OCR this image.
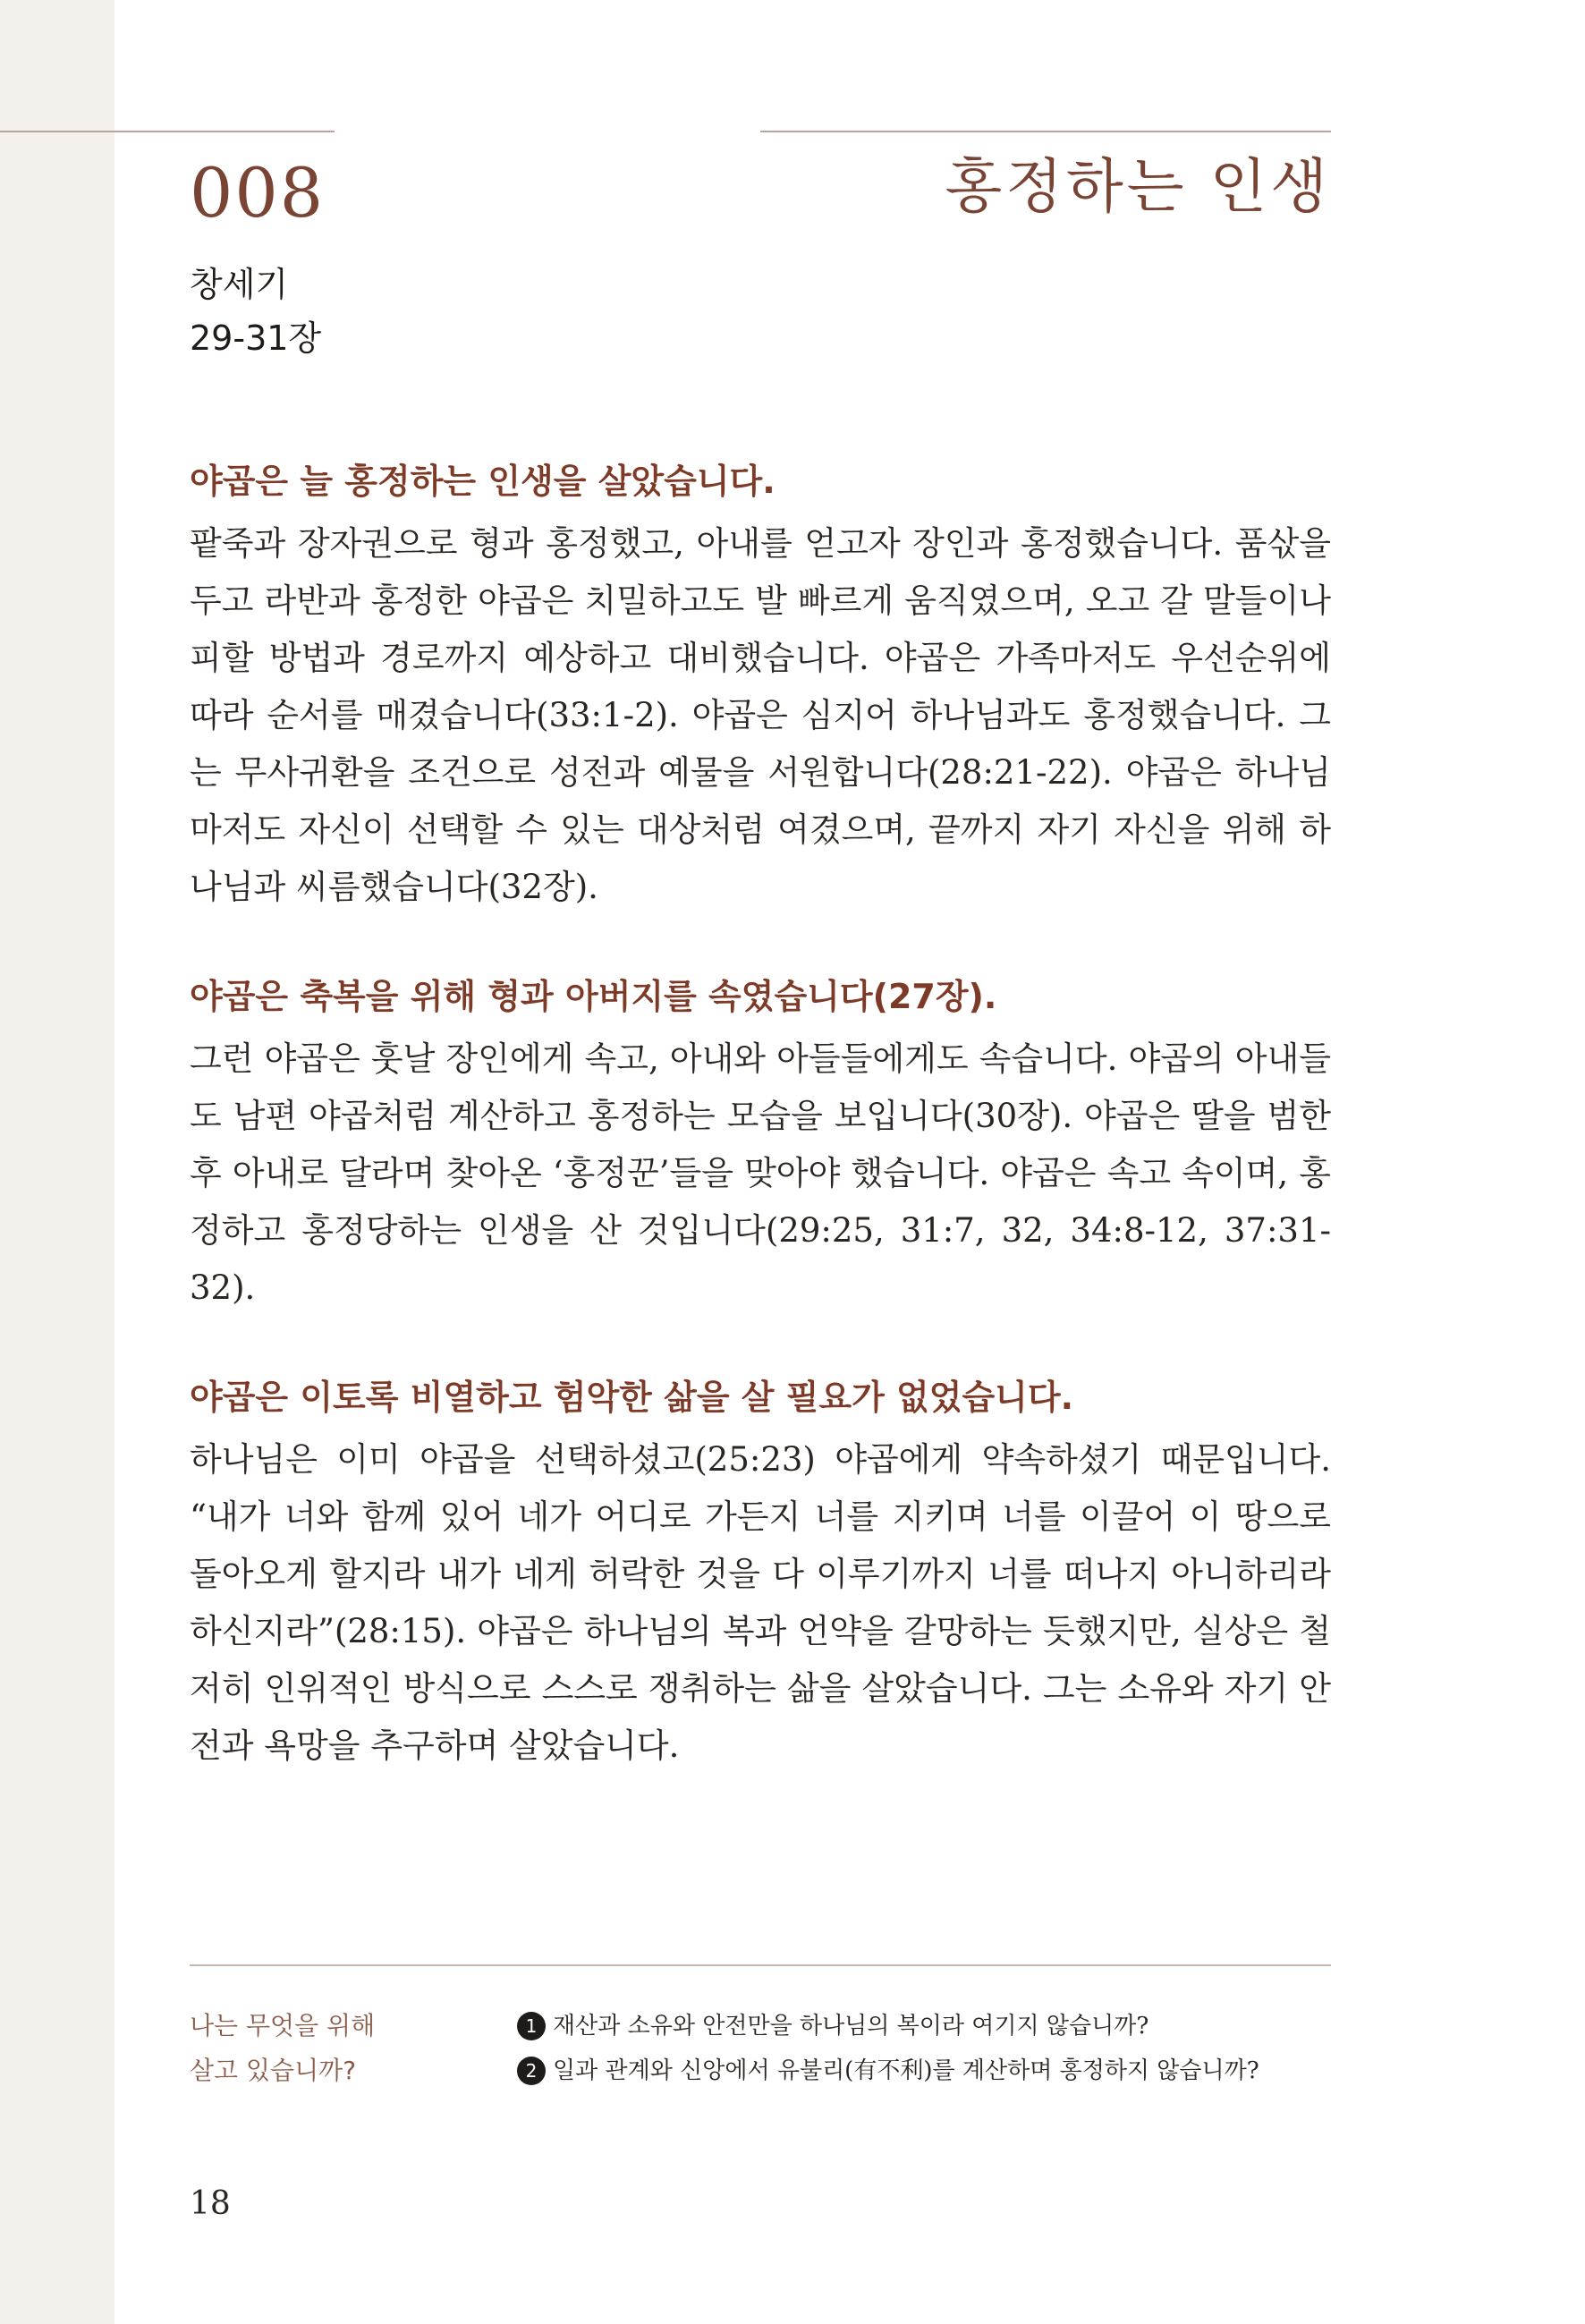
008	홍정하는 인생
창세기
29-31장
야곱은 늘 홍정하는 인생을 살았습니다.

팥죽과 장자권으로 형과 홍정했고, 아내를 얻고자 장인과 홍정했습니다. 품삯을 두고 라반과 홍정한 야곱은 치밀하고도 발 빠르게 움직였으며, 오고 갈 말들이나 피할 방법과 경로까지 예상하고 대비했습니다. 야곱은 가족마저도 우선순위에 따라 순서를 매겼습니다(33:1-2). 야곱은 심지어 하나님과도 홍정했습니다. 그는 무사귀환을 조건으로 성전과 예물을 서원합니다(28:21-22). 야곱은 하나님마저도 자신이 선택할 수 있는 대상처럼 여겼으며, 끝까지 자기 자신을 위해 하나님과 씨름했습니다(32장).

야곱은 축복을 위해 형과 아버지를 속였습니다(27장).

그런 야곱은 훗날 장인에게 속고, 아내와 아들들에게도 속습니다. 야곱의 아내들도 남편 야곱처럼 계산하고 홍정하는 모습을 보입니다(30장). 야곱은 딸을 범한 후 아내로 달라며 찾아온 ‘홍정꾼’들을 맞아야 했습니다. 야곱은 속고 속이며, 홍정하고 홍정당하는 인생을 산 것입니다(29:25, 31:7, 32, 34:8-12, 37:31-32).

야곱은 이토록 비열하고 험악한 삶을 살 필요가 없었습니다.

하나님은 이미 야곱을 선택하셨고(25:23) 야곱에게 약속하셨기 때문입니다. “내가 너와 함께 있어 네가 어디로 가든지 너를 지키며 너를 이끌어 이 땅으로 돌아오게 할지라 내가 네게 허락한 것을 다 이루기까지 너를 떠나지 아니하리라 하신지라”(28:15). 야곱은 하나님의 복과 언약을 갈망하는 듯했지만, 실상은 철저히 인위적인 방식으로 스스로 쟁취하는 삶을 살았습니다. 그는 소유와 자기 안전과 욕망을 추구하며 살았습니다.

나는 무엇을 위해
살고 있습니까?
1 재산과 소유와 안전만을 하나님의 복이라 여기지 않습니까?
2 일과 관계와 신앙에서 유불리(有不利)를 계산하며 홍정하지 않습니까?
18
